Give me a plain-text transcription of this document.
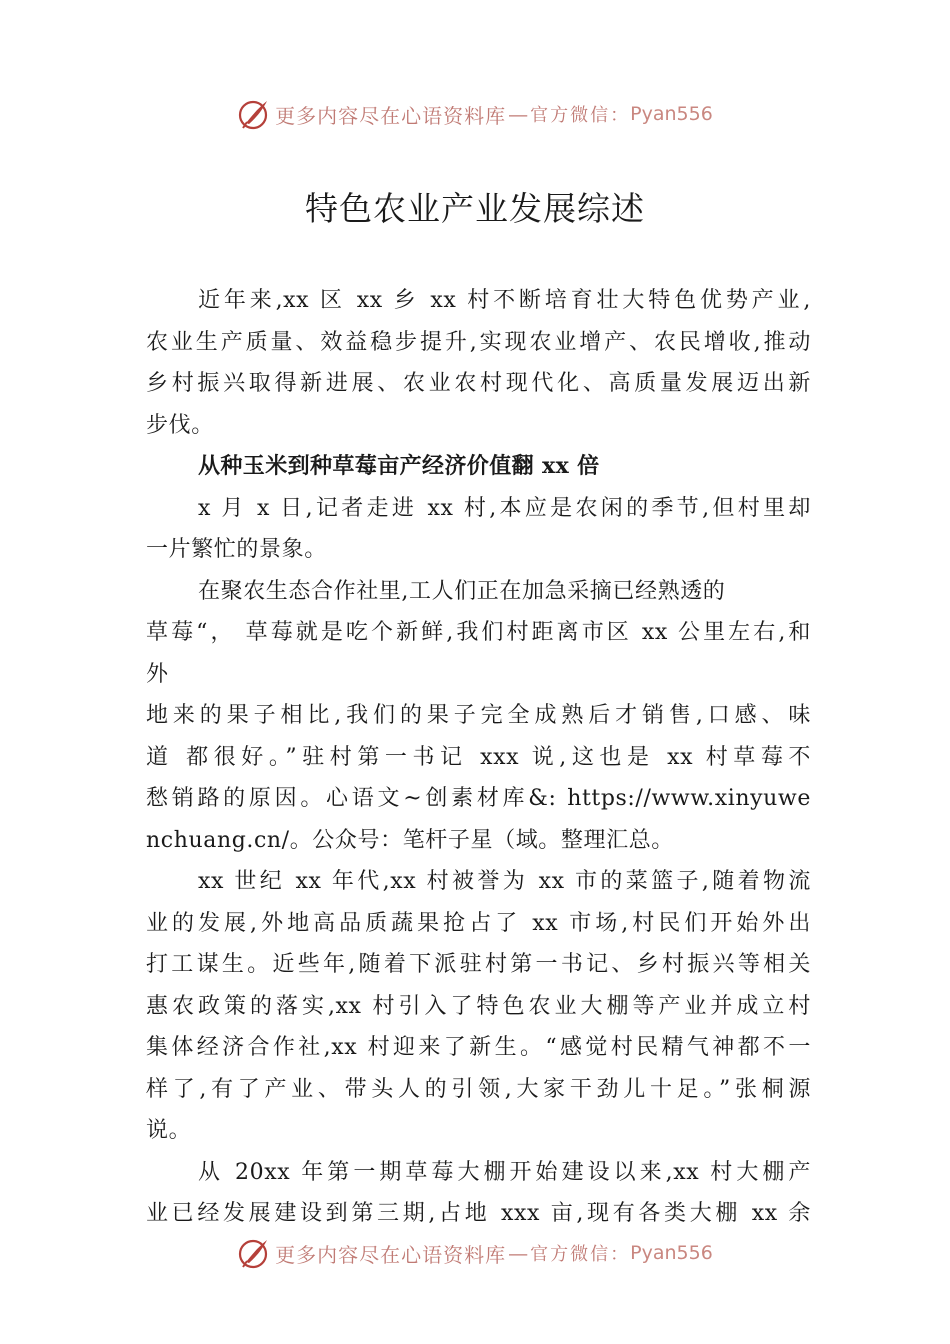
更多内容尽在心语资料库 — 官方微信： Pyan556
特色农业产业发展综述
近年来,xx 区 xx 乡 xx 村不断培育壮大特色优势产业,
农业生产质量、效益稳步提升,实现农业增产、农民增收,推动
乡村振兴取得新进展、农业农村现代化、高质量发展迈出新
步伐。
从种玉米到种草莓亩产经济价值翻 xx 倍
x 月 x 日,记者走进 xx 村,本应是农闲的季节,但村里却
一片繁忙的景象。
在聚农生态合作社里,工人们正在加急采摘已经熟透的
草莓“， 草莓就是吃个新鲜,我们村距离市区 xx 公里左右,和
外
地来的果子相比,我们的果子完全成熟后才销售,口感、味
道 都很好。”驻村第一书记 xxx 说,这也是 xx 村草莓不
愁销路的原因。心语文~创素材库&: https://www.xinyuwe
nchuang.cn/。公众号：笔杆子星（域。整理汇总。
xx 世纪 xx 年代,xx 村被誉为 xx 市的菜篮子,随着物流
业的发展,外地高品质蔬果抢占了 xx 市场,村民们开始外出
打工谋生。近些年,随着下派驻村第一书记、乡村振兴等相关
惠农政策的落实,xx 村引入了特色农业大棚等产业并成立村
集体经济合作社,xx 村迎来了新生。“感觉村民精气神都不一
样了,有了产业、带头人的引领,大家干劲儿十足。”张桐源
说。
从 20xx 年第一期草莓大棚开始建设以来,xx 村大棚产
业已经发展建设到第三期,占地 xxx 亩,现有各类大棚 xx 余
更多内容尽在心语资料库 — 官方微信： Pyan556
